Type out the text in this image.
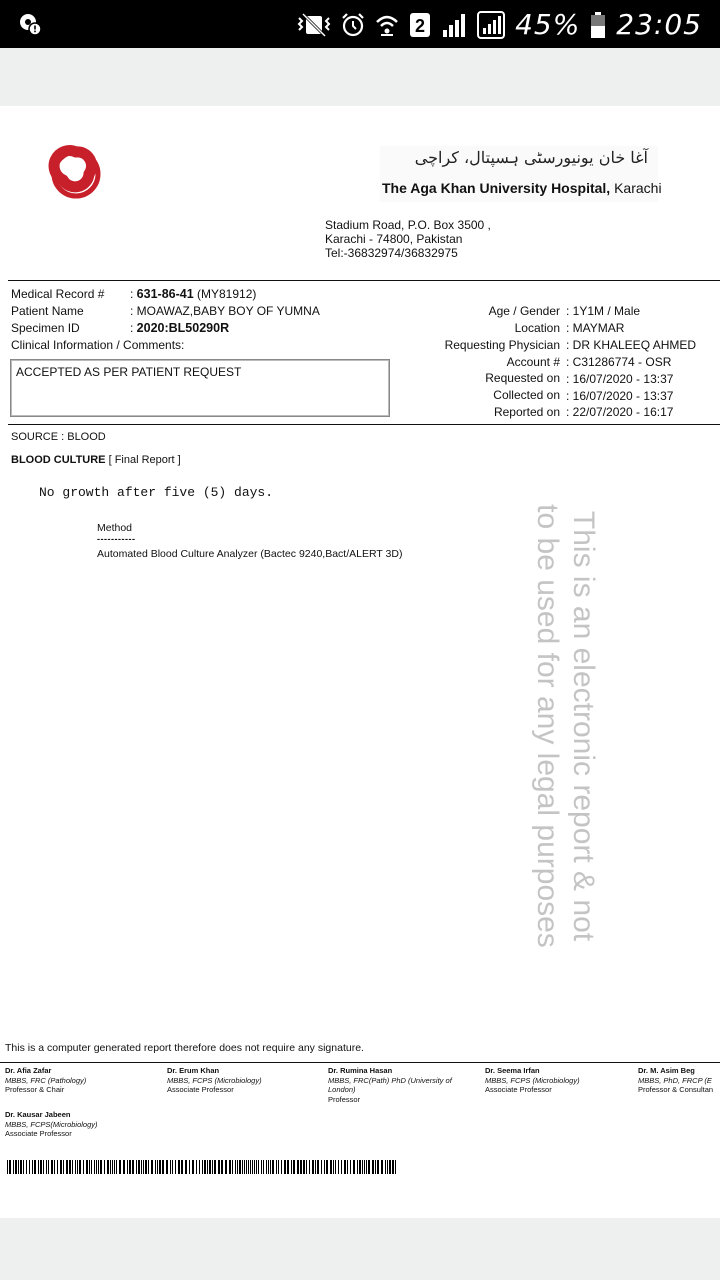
2	45% 23:05
آغا خان یونیورسٹی ہسپتال، کراچی
The Aga Khan University Hospital, Karachi
Stadium Road, P.O. Box 3500 ,
Karachi - 74800, Pakistan
Tel:-36832974/36832975
Medical Record # : 631-86-41 (MY81912)
Patient Name	: MOAWAZ,BABY BOY OF YUMNA
Specimen ID	: 2020:BL50290R
Clinical Information / Comments:
ACCEPTED AS PER PATIENT REQUEST
Age / Gender : 1Y1M / Male
Location : MAYMAR
Requesting Physician : DR KHALEEQ AHMED
Account # : C31286774 - OSR
Requested on : 16/07/2020 - 13:37
Collected on : 16/07/2020 - 13:37
Reported on : 22/07/2020 - 16:17
SOURCE : BLOOD
BLOOD CULTURE [ Final Report ]
No growth after five (5) days.
Method
-----------
Automated Blood Culture Analyzer (Bactec 9240,Bact/ALERT 3D)	This is an electronic report & not
to be used for any legal purposes
This is a computer generated report therefore does not require any signature.
Dr. Afia Zafar
MBBS, FRC (Pathology)
Professor & Chair
Dr. Erum Khan
MBBS, FCPS (Microbiology)
Associate Professor
Dr. Rumina Hasan
MBBS, FRC(Path) PhD (University of London)
Professor
Dr. Seema Irfan
MBBS, FCPS (Microbiology)
Associate Professor
Dr. M. Asim Beg
MBBS, PhD, FRCP (E
Professor & Consultan
Dr. Kausar Jabeen
MBBS, FCPS(Microbiology)
Associate Professor
